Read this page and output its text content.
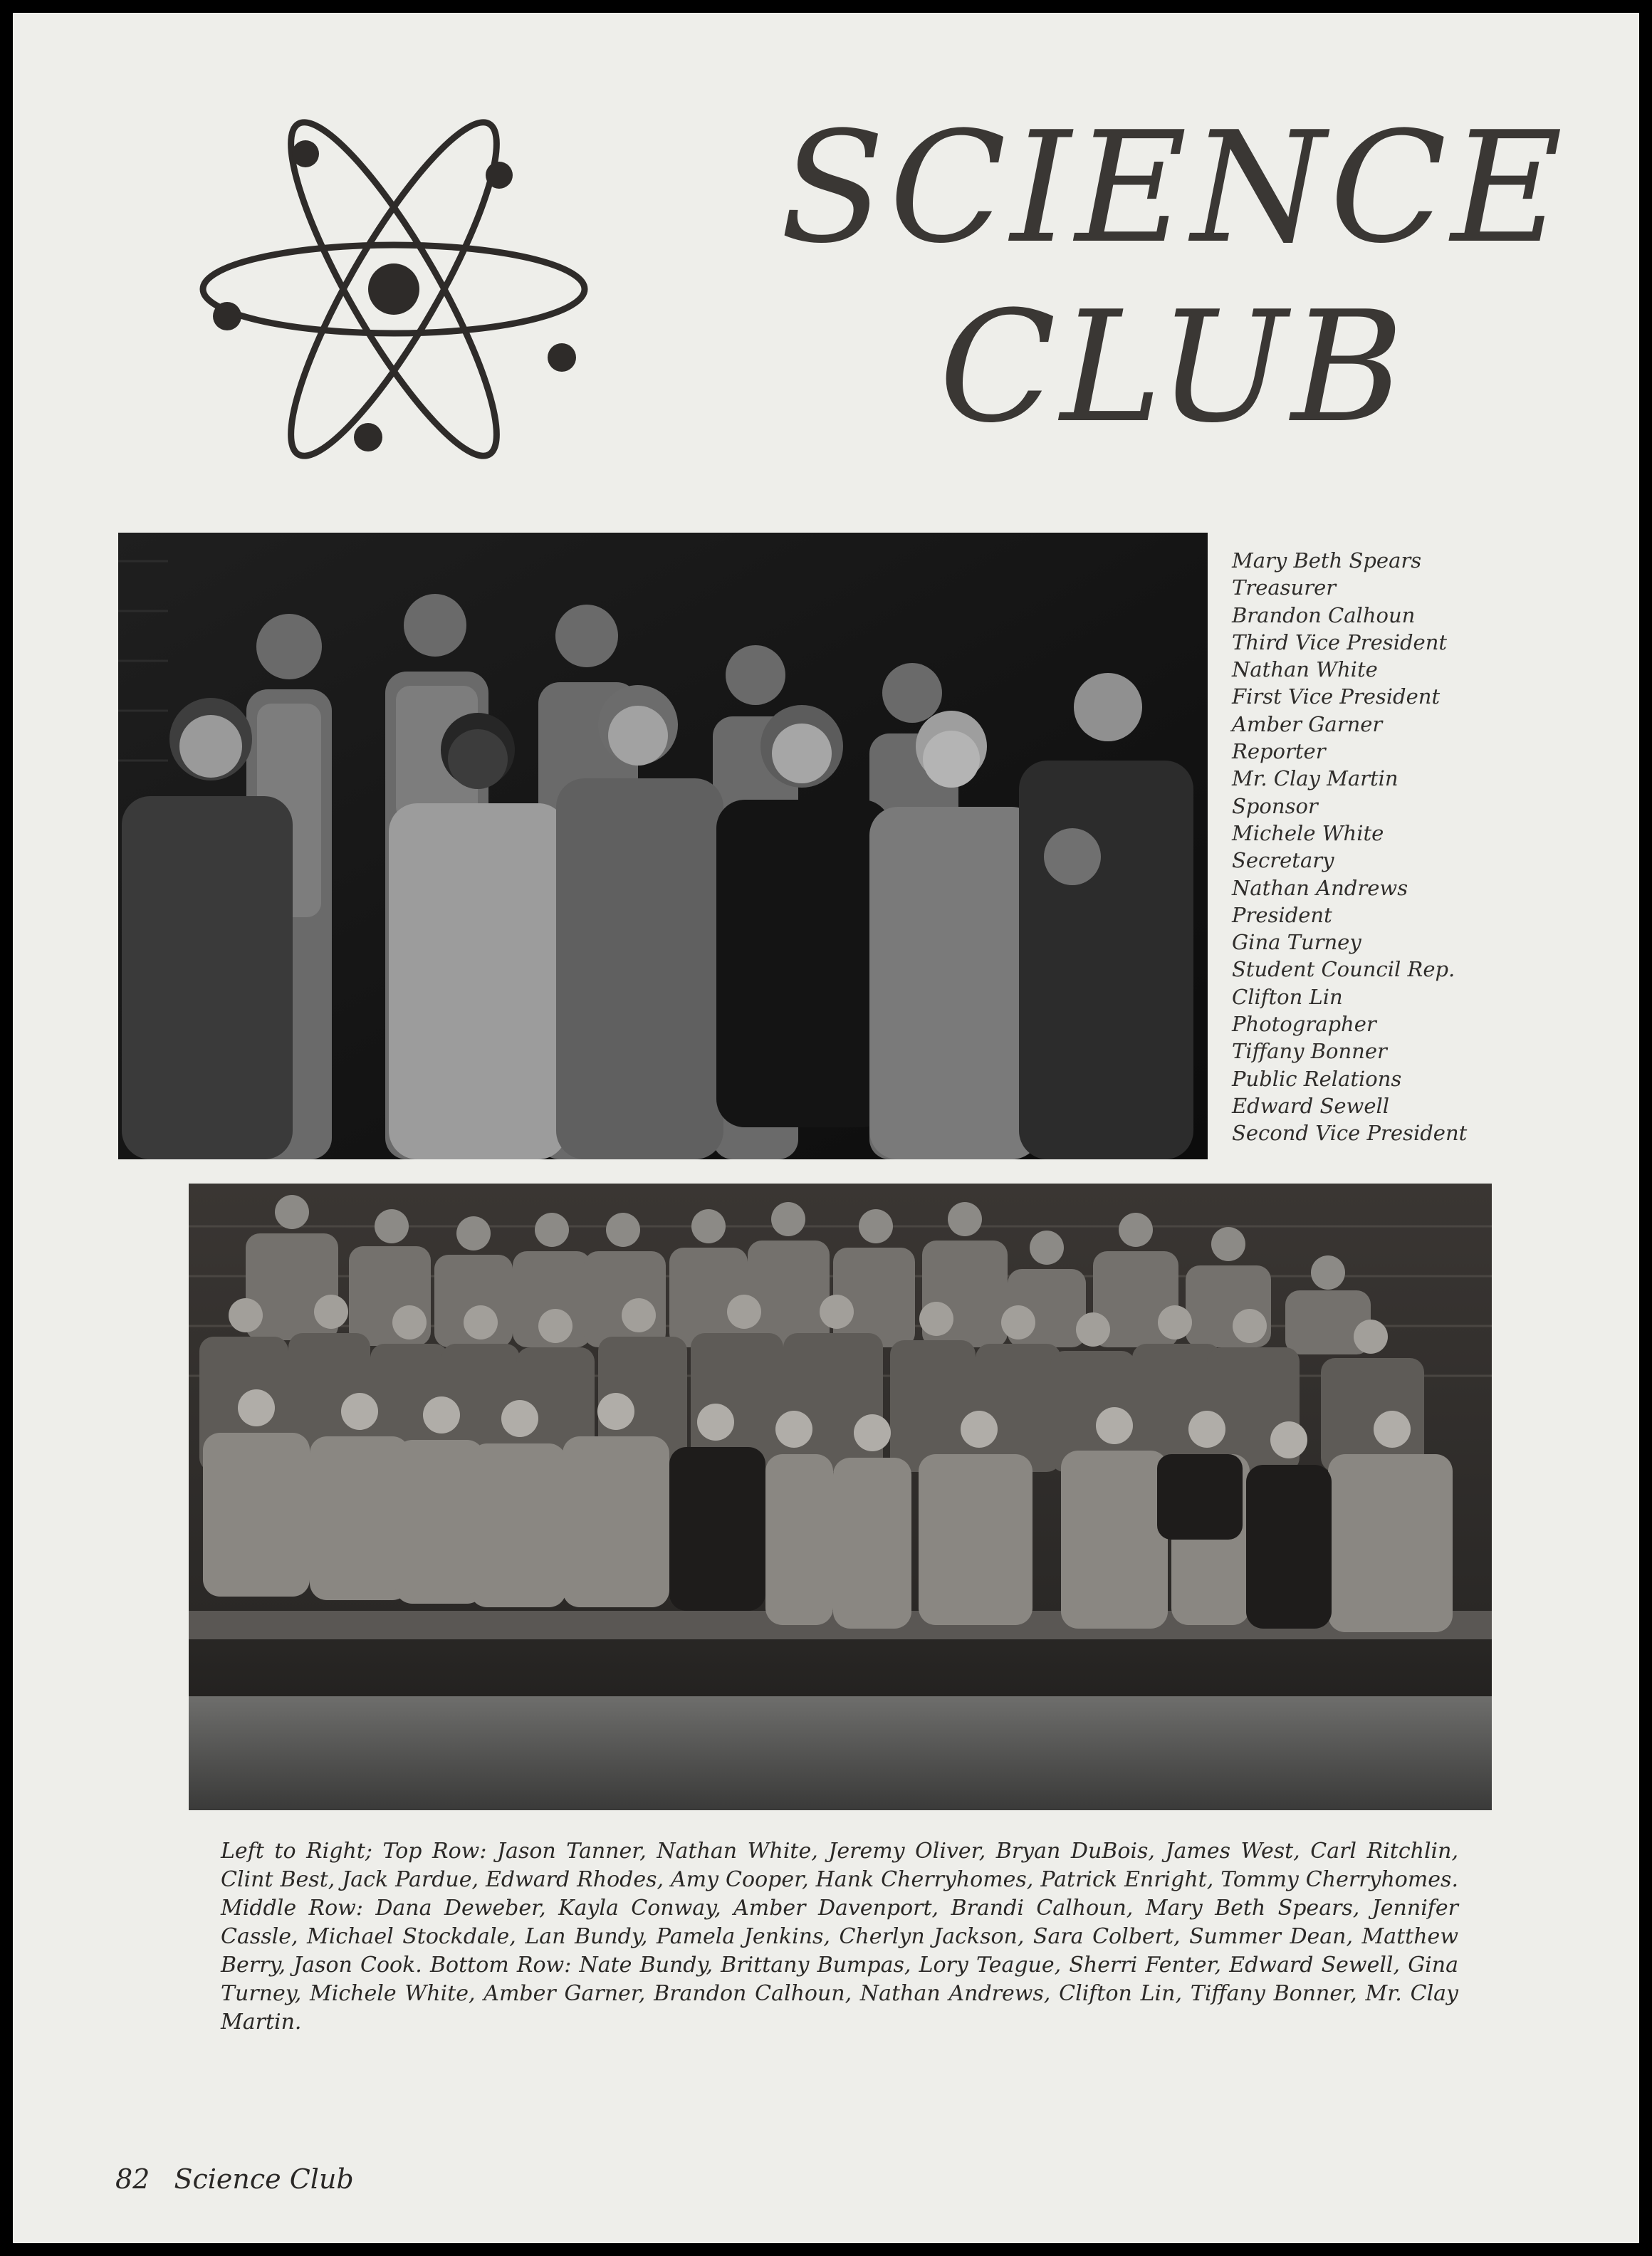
SCIENCE
CLUB
Mary Beth Spears
Treasurer
Brandon Calhoun
Third Vice President
Nathan White
First Vice President
Amber Garner
Reporter
Mr. Clay Martin
Sponsor
Michele White
Secretary
Nathan Andrews
President
Gina Turney
Student Council Rep.
Clifton Lin
Photographer
Tiffany Bonner
Public Relations
Edward Sewell
Second Vice President
Left to Right; Top Row: Jason Tanner, Nathan White, Jeremy Oliver, Bryan DuBois, James West, Carl Ritchlin, Clint Best, Jack Pardue, Edward Rhodes, Amy Cooper, Hank Cherryhomes, Patrick Enright, Tommy Cherryhomes. Middle Row: Dana Deweber, Kayla Conway, Amber Davenport, Brandi Calhoun, Mary Beth Spears, Jennifer Cassle, Michael Stockdale, Lan Bundy, Pamela Jenkins, Cherlyn Jackson, Sara Colbert, Summer Dean, Matthew Berry, Jason Cook. Bottom Row: Nate Bundy, Brittany Bumpas, Lory Teague, Sherri Fenter, Edward Sewell, Gina Turney, Michele White, Amber Garner, Brandon Calhoun, Nathan Andrews, Clifton Lin, Tiffany Bonner, Mr. Clay Martin.
82 Science Club
